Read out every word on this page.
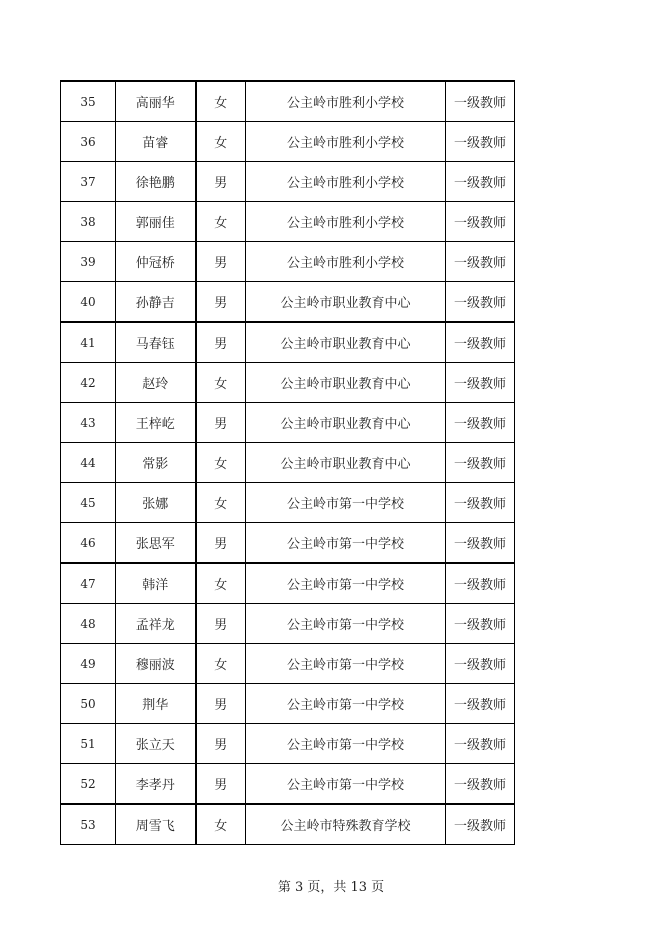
35	高丽华	女	公主岭市胜利小学校	一级教师
36	苗睿	女	公主岭市胜利小学校	一级教师
37	徐艳鹏	男	公主岭市胜利小学校	一级教师
38	郭丽佳	女	公主岭市胜利小学校	一级教师
39	仲冠桥	男	公主岭市胜利小学校	一级教师
40	孙静吉	男	公主岭市职业教育中心	一级教师
41	马春钰	男	公主岭市职业教育中心	一级教师
42	赵玲	女	公主岭市职业教育中心	一级教师
43	王梓屹	男	公主岭市职业教育中心	一级教师
44	常影	女	公主岭市职业教育中心	一级教师
45	张娜	女	公主岭市第一中学校	一级教师
46	张思军	男	公主岭市第一中学校	一级教师
47	韩洋	女	公主岭市第一中学校	一级教师
48	孟祥龙	男	公主岭市第一中学校	一级教师
49	穆丽波	女	公主岭市第一中学校	一级教师
50	荆华	男	公主岭市第一中学校	一级教师
51	张立天	男	公主岭市第一中学校	一级教师
52	李孝丹	男	公主岭市第一中学校	一级教师
53	周雪飞	女	公主岭市特殊教育学校	一级教师
第 3 页，共 13 页
